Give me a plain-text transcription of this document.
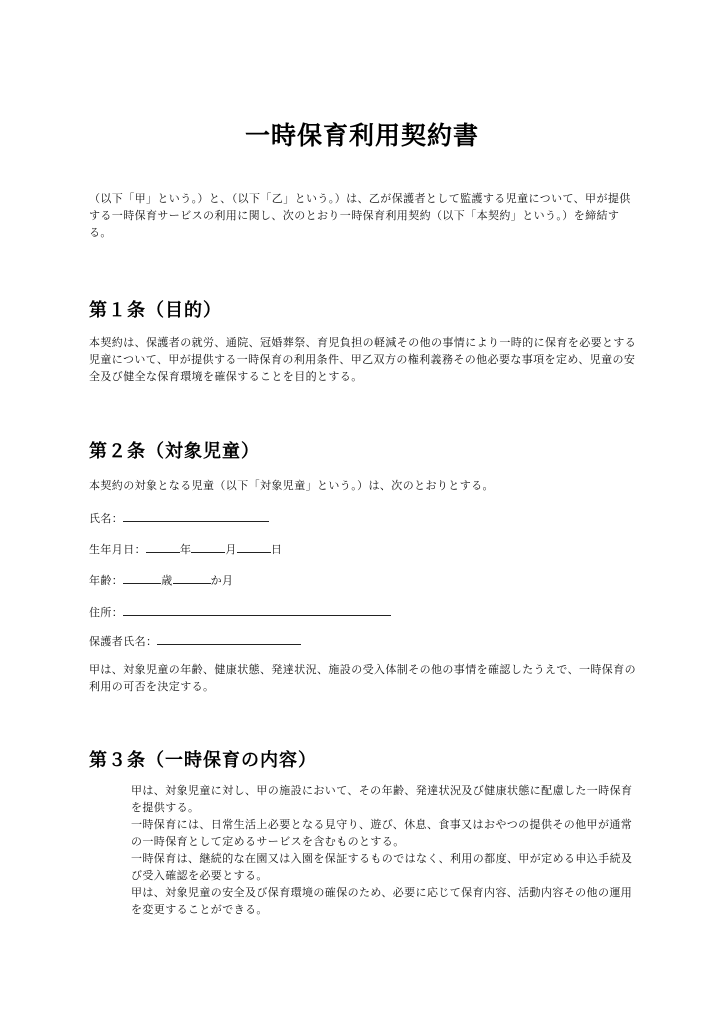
一時保育利用契約書
（以下「甲」という。）と、（以下「乙」という。）は、乙が保護者として監護する児童について、甲が提供する一時保育サービスの利用に関し、次のとおり一時保育利用契約（以下「本契約」という。）を締結する。
第１条（目的）
本契約は、保護者の就労、通院、冠婚葬祭、育児負担の軽減その他の事情により一時的に保育を必要とする児童について、甲が提供する一時保育の利用条件、甲乙双方の権利義務その他必要な事項を定め、児童の安全及び健全な保育環境を確保することを目的とする。
第２条（対象児童）
本契約の対象となる児童（以下「対象児童」という。）は、次のとおりとする。
氏名：
生年月日：	年	月	日
年齢：	歳	か月
住所：
保護者氏名：
甲は、対象児童の年齢、健康状態、発達状況、施設の受入体制その他の事情を確認したうえで、一時保育の利用の可否を決定する。
第３条（一時保育の内容）

甲は、対象児童に対し、甲の施設において、その年齢、発達状況及び健康状態に配慮した一時保育を提供する。

一時保育には、日常生活上必要となる見守り、遊び、休息、食事又はおやつの提供その他甲が通常の一時保育として定めるサービスを含むものとする。

一時保育は、継続的な在園又は入園を保証するものではなく、利用の都度、甲が定める申込手続及び受入確認を必要とする。

甲は、対象児童の安全及び保育環境の確保のため、必要に応じて保育内容、活動内容その他の運用を変更することができる。
